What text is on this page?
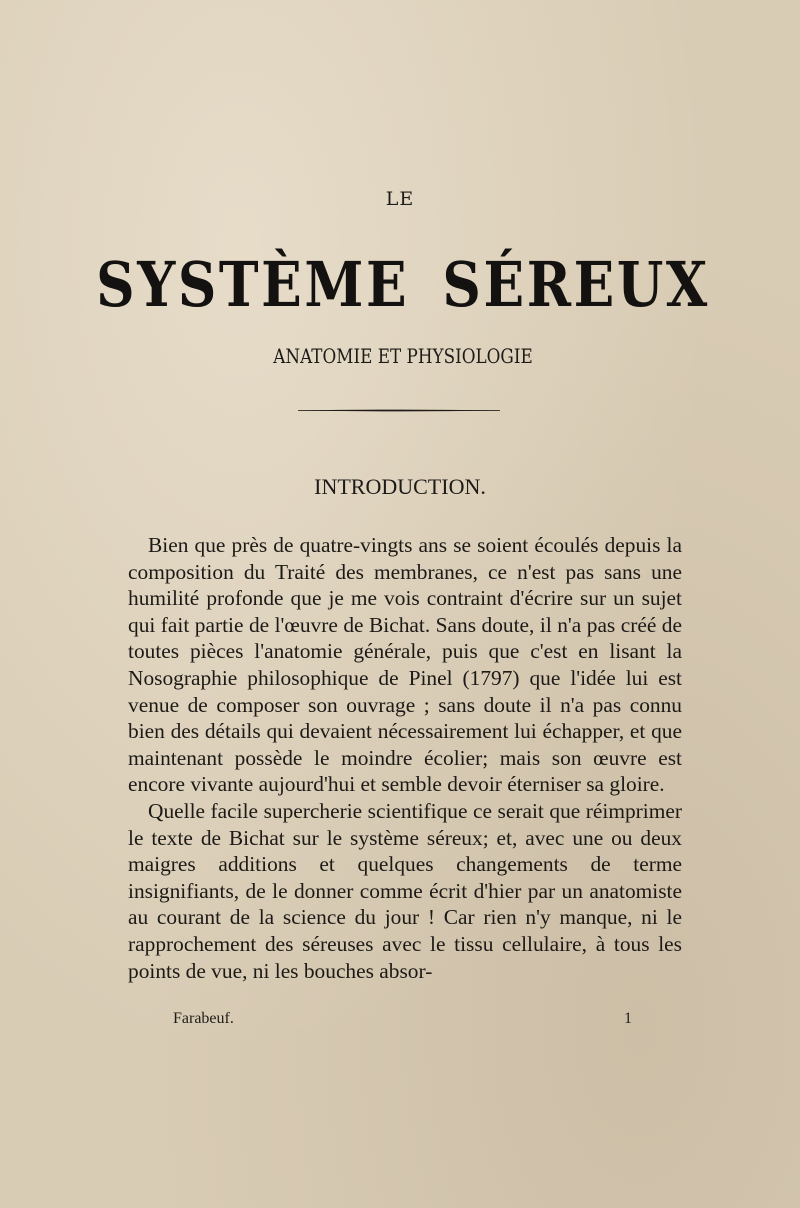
LE
SYSTÈME SÉREUX
ANATOMIE ET PHYSIOLOGIE
INTRODUCTION.

Bien que près de quatre-vingts ans se soient écoulés depuis la composition du Traité des membranes, ce n'est pas sans une humilité profonde que je me vois contraint d'écrire sur un sujet qui fait partie de l'œuvre de Bichat. Sans doute, il n'a pas créé de toutes pièces l'anatomie générale, puis que c'est en lisant la Nosographie philosophique de Pinel (1797) que l'idée lui est venue de composer son ouvrage ; sans doute il n'a pas connu bien des détails qui devaient nécessairement lui échapper, et que maintenant possède le moindre écolier; mais son œuvre est encore vivante aujourd'hui et semble devoir éterniser sa gloire.

Quelle facile supercherie scientifique ce serait que réimprimer le texte de Bichat sur le système séreux; et, avec une ou deux maigres additions et quelques changements de terme insignifiants, de le donner comme écrit d'hier par un anatomiste au courant de la science du jour ! Car rien n'y manque, ni le rapprochement des séreuses avec le tissu cellulaire, à tous les points de vue, ni les bouches absor-

Farabeuf.	1
